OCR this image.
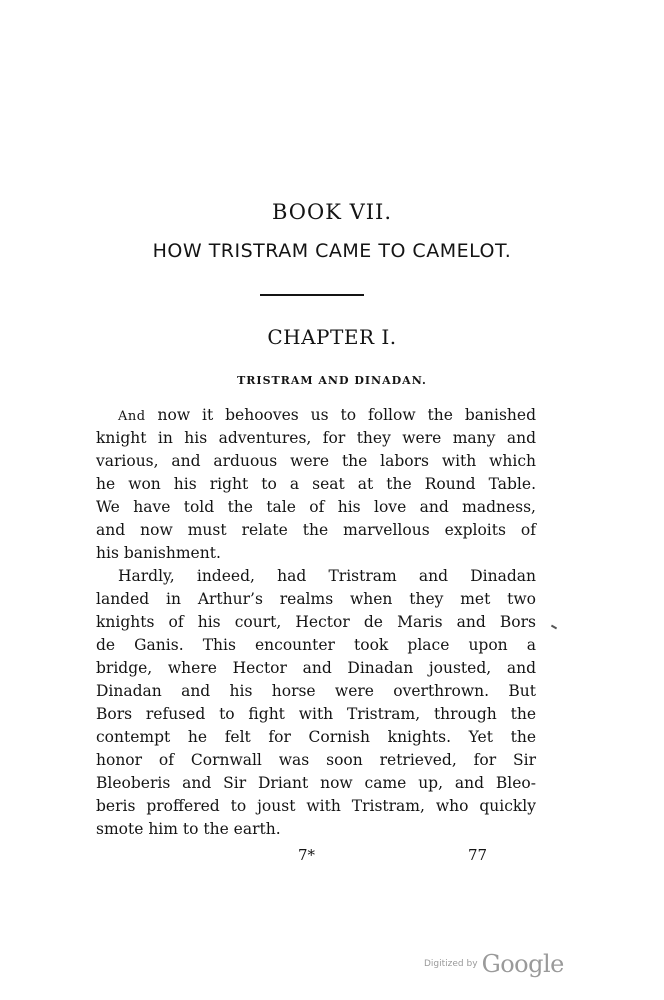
BOOK VII.
HOW TRISTRAM CAME TO CAMELOT.
CHAPTER I.
TRISTRAM AND DINADAN.
And now it behooves us to follow the banished
knight in his adventures, for they were many and
various, and arduous were the labors with which
he won his right to a seat at the Round Table.
We have told the tale of his love and madness,
and now must relate the marvellous exploits of
his banishment.
Hardly, indeed, had Tristram and Dinadan
landed in Arthur’s realms when they met two
knights of his court, Hector de Maris and Bors
de Ganis. This encounter took place upon a
bridge, where Hector and Dinadan jousted, and
Dinadan and his horse were overthrown. But
Bors refused to fight with Tristram, through the
contempt he felt for Cornish knights. Yet the
honor of Cornwall was soon retrieved, for Sir
Bleoberis and Sir Driant now came up, and Bleo-
beris proffered to joust with Tristram, who quickly
smote him to the earth.
7*	77
Digitized by Google
